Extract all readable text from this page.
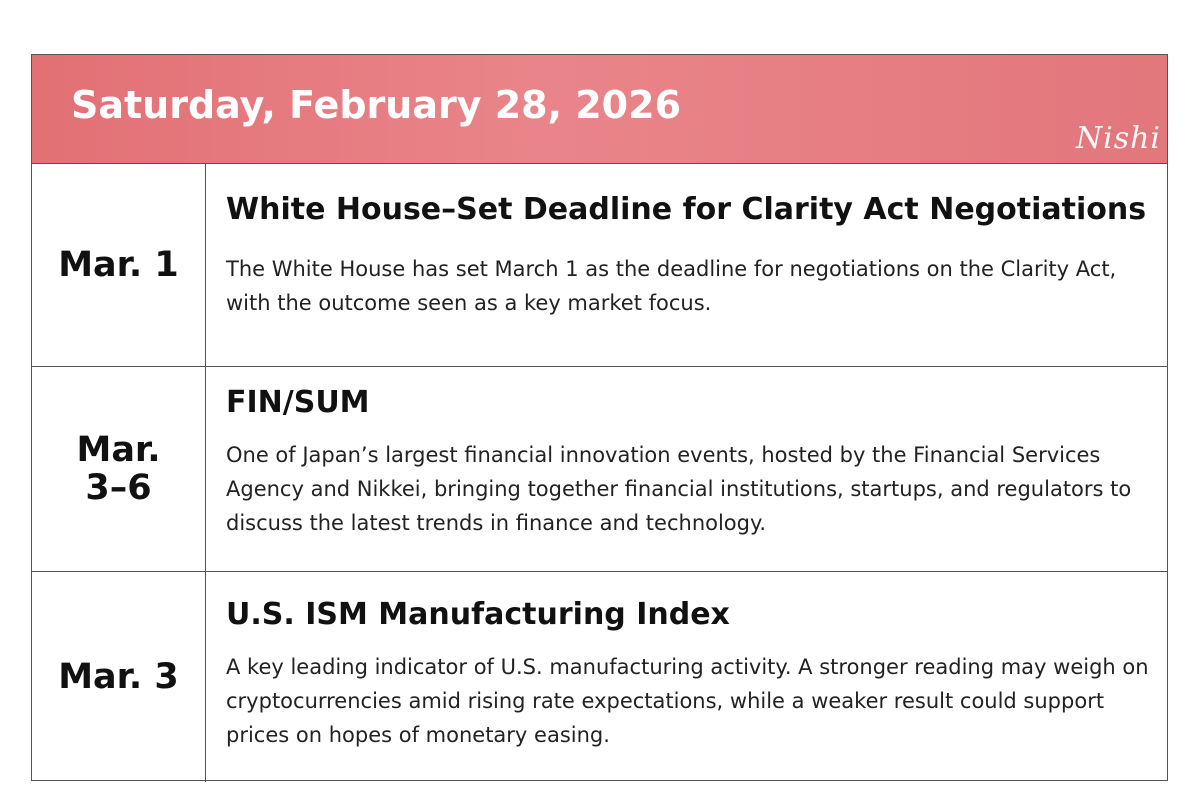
Saturday, February 28, 2026
Nishi
Mar. 1
White House–Set Deadline for Clarity Act Negotiations
The White House has set March 1 as the deadline for negotiations on the Clarity Act, with the outcome seen as a key market focus.
Mar.
3–6
FIN/SUM
One of Japan’s largest financial innovation events, hosted by the Financial Services Agency and Nikkei, bringing together financial institutions, startups, and regulators to discuss the latest trends in finance and technology.
Mar. 3
U.S. ISM Manufacturing Index
A key leading indicator of U.S. manufacturing activity. A stronger reading may weigh on cryptocurrencies amid rising rate expectations, while a weaker result could support prices on hopes of monetary easing.
